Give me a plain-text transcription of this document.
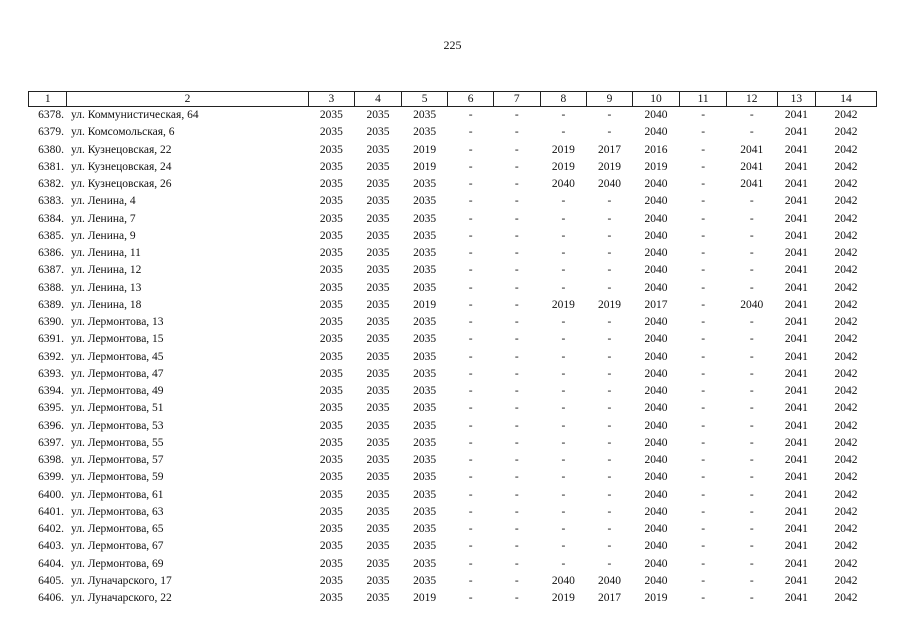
225
1	2	3	4	5	6	7	8	9	10	11	12	13	14
6378.	ул. Коммунистическая, 64	2035	2035	2035	-	-	-	-	2040	-	-	2041	2042
6379.	ул. Комсомольская, 6	2035	2035	2035	-	-	-	-	2040	-	-	2041	2042
6380.	ул. Кузнецовская, 22	2035	2035	2019	-	-	2019	2017	2016	-	2041	2041	2042
6381.	ул. Кузнецовская, 24	2035	2035	2019	-	-	2019	2019	2019	-	2041	2041	2042
6382.	ул. Кузнецовская, 26	2035	2035	2035	-	-	2040	2040	2040	-	2041	2041	2042
6383.	ул. Ленина, 4	2035	2035	2035	-	-	-	-	2040	-	-	2041	2042
6384.	ул. Ленина, 7	2035	2035	2035	-	-	-	-	2040	-	-	2041	2042
6385.	ул. Ленина, 9	2035	2035	2035	-	-	-	-	2040	-	-	2041	2042
6386.	ул. Ленина, 11	2035	2035	2035	-	-	-	-	2040	-	-	2041	2042
6387.	ул. Ленина, 12	2035	2035	2035	-	-	-	-	2040	-	-	2041	2042
6388.	ул. Ленина, 13	2035	2035	2035	-	-	-	-	2040	-	-	2041	2042
6389.	ул. Ленина, 18	2035	2035	2019	-	-	2019	2019	2017	-	2040	2041	2042
6390.	ул. Лермонтова, 13	2035	2035	2035	-	-	-	-	2040	-	-	2041	2042
6391.	ул. Лермонтова, 15	2035	2035	2035	-	-	-	-	2040	-	-	2041	2042
6392.	ул. Лермонтова, 45	2035	2035	2035	-	-	-	-	2040	-	-	2041	2042
6393.	ул. Лермонтова, 47	2035	2035	2035	-	-	-	-	2040	-	-	2041	2042
6394.	ул. Лермонтова, 49	2035	2035	2035	-	-	-	-	2040	-	-	2041	2042
6395.	ул. Лермонтова, 51	2035	2035	2035	-	-	-	-	2040	-	-	2041	2042
6396.	ул. Лермонтова, 53	2035	2035	2035	-	-	-	-	2040	-	-	2041	2042
6397.	ул. Лермонтова, 55	2035	2035	2035	-	-	-	-	2040	-	-	2041	2042
6398.	ул. Лермонтова, 57	2035	2035	2035	-	-	-	-	2040	-	-	2041	2042
6399.	ул. Лермонтова, 59	2035	2035	2035	-	-	-	-	2040	-	-	2041	2042
6400.	ул. Лермонтова, 61	2035	2035	2035	-	-	-	-	2040	-	-	2041	2042
6401.	ул. Лермонтова, 63	2035	2035	2035	-	-	-	-	2040	-	-	2041	2042
6402.	ул. Лермонтова, 65	2035	2035	2035	-	-	-	-	2040	-	-	2041	2042
6403.	ул. Лермонтова, 67	2035	2035	2035	-	-	-	-	2040	-	-	2041	2042
6404.	ул. Лермонтова, 69	2035	2035	2035	-	-	-	-	2040	-	-	2041	2042
6405.	ул. Луначарского, 17	2035	2035	2035	-	-	2040	2040	2040	-	-	2041	2042
6406.	ул. Луначарского, 22	2035	2035	2019	-	-	2019	2017	2019	-	-	2041	2042
